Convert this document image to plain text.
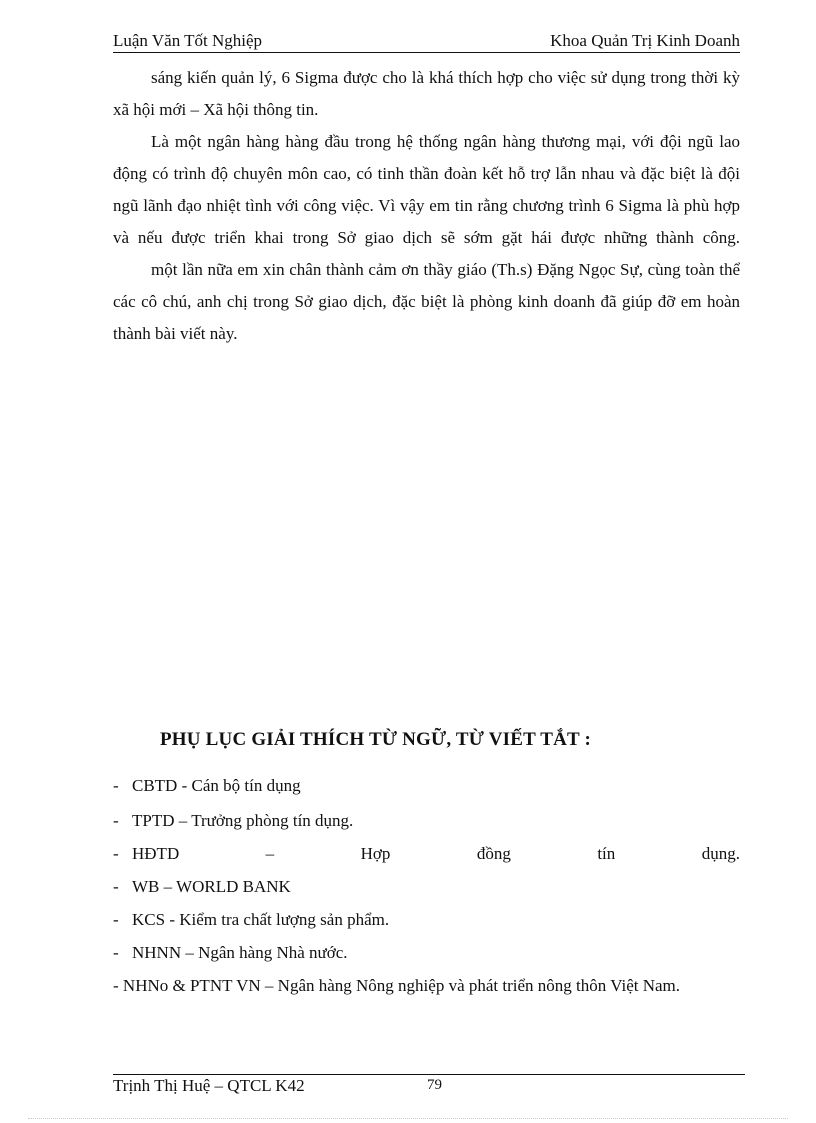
Luận Văn Tốt Nghiệp	Khoa Quản Trị Kinh Doanh

sáng kiến quản lý, 6 Sigma được cho là khá thích hợp cho việc sử dụng trong thời kỳ xã hội mới – Xã hội thông tin.

Là một ngân hàng hàng đầu trong hệ thống ngân hàng thương mại, với đội ngũ lao động có trình độ chuyên môn cao, có tinh thần đoàn kết hỗ trợ lẫn nhau và đặc biệt là đội ngũ lãnh đạo nhiệt tình với công việc. Vì vậy em tin rằng chương trình 6 Sigma là phù hợp và nếu được triển khai trong Sở giao dịch sẽ sớm gặt hái được những thành công.

một lần nữa em xin chân thành cảm ơn thầy giáo (Th.s) Đặng Ngọc Sự, cùng toàn thể các cô chú, anh chị trong Sở giao dịch, đặc biệt là phòng kinh doanh đã giúp đỡ em hoàn thành bài viết này.

PHỤ LỤC GIẢI THÍCH TỪ NGỮ, TỪ VIẾT TẮT :
- CBTD - Cán bộ tín dụng
- TPTD – Trưởng phòng tín dụng.
- HĐTD – Hợp đồng tín dụng.
- WB – WORLD BANK
- KCS - Kiểm tra chất lượng sản phẩm.
- NHNN – Ngân hàng Nhà nước.
- NHNo & PTNT VN – Ngân hàng Nông nghiệp và phát triển nông thôn Việt Nam.
Trịnh Thị Huệ – QTCL K42	79
